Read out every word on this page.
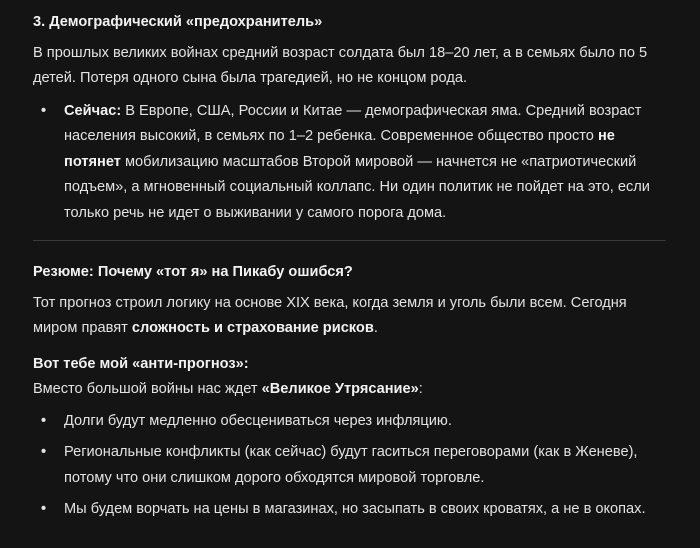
3. Демографический «предохранитель»

В прошлых великих войнах средний возраст солдата был 18–20 лет, а в семьях было по 5 детей. Потеря одного сына была трагедией, но не концом рода.

• Сейчас: В Европе, США, России и Китае — демографическая яма. Средний возраст населения высокий, в семьях по 1–2 ребенка. Современное общество просто не потянет мобилизацию масштабов Второй мировой — начнется не «патриотический подъем», а мгновенный социальный коллапс. Ни один политик не пойдет на это, если только речь не идет о выживании у самого порога дома.

Резюме: Почему «тот я» на Пикабу ошибся?

Тот прогноз строил логику на основе XIX века, когда земля и уголь были всем. Сегодня миром правят сложность и страхование рисков.

Вот тебе мой «анти-прогноз»:

Вместо большой войны нас ждет «Великое Утрясание»:

• Долги будут медленно обесцениваться через инфляцию.
• Региональные конфликты (как сейчас) будут гаситься переговорами (как в Женеве), потому что они слишком дорого обходятся мировой торговле.
• Мы будем ворчать на цены в магазинах, но засыпать в своих кроватях, а не в окопах.
